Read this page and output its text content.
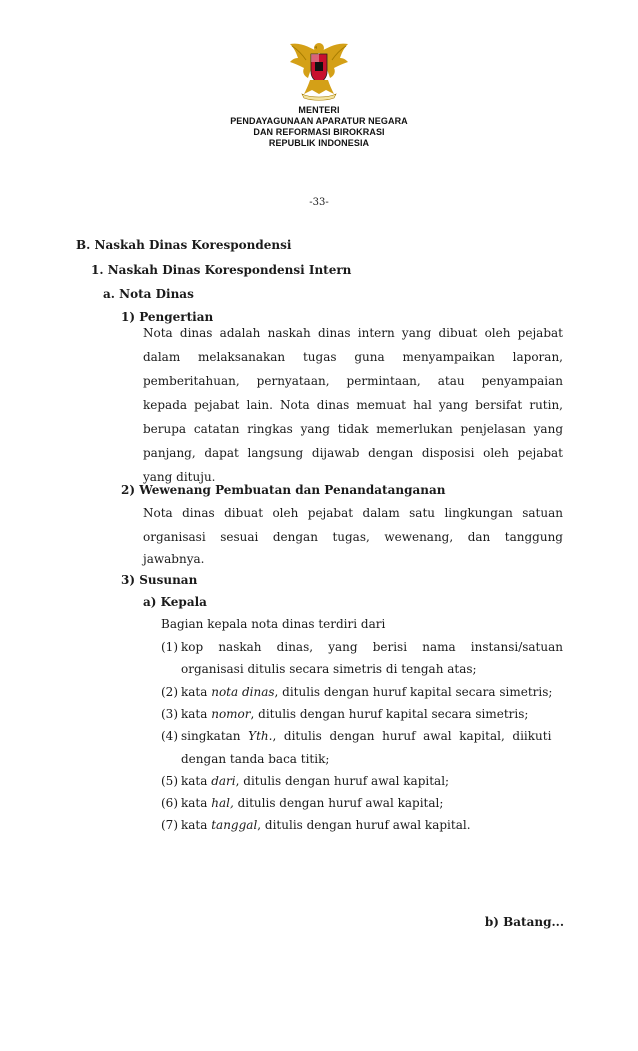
MENTERI
PENDAYAGUNAAN APARATUR NEGARA
DAN REFORMASI BIROKRASI
REPUBLIK INDONESIA
-33-
B. Naskah Dinas Korespondensi
1. Naskah Dinas Korespondensi Intern
a. Nota Dinas
1) Pengertian
Nota dinas adalah naskah dinas intern yang dibuat oleh pejabat
dalam melaksanakan tugas guna menyampaikan laporan,
pemberitahuan, pernyataan, permintaan, atau penyampaian
kepada pejabat lain. Nota dinas memuat hal yang bersifat rutin,
berupa catatan ringkas yang tidak memerlukan penjelasan yang
panjang, dapat langsung dijawab dengan disposisi oleh pejabat
yang dituju.
2) Wewenang Pembuatan dan Penandatanganan
Nota dinas dibuat oleh pejabat dalam satu lingkungan satuan
organisasi sesuai dengan tugas, wewenang, dan tanggung
jawabnya.
3) Susunan
a) Kepala
Bagian kepala nota dinas terdiri dari
(1) kop naskah dinas, yang berisi nama instansi/satuan
organisasi ditulis secara simetris di tengah atas;
(2) kata nota dinas, ditulis dengan huruf kapital secara simetris;
(3) kata nomor, ditulis dengan huruf kapital secara simetris;
(4) singkatan  Yth.,  ditulis  dengan  huruf  awal  kapital,  diikuti
dengan tanda baca titik;
(5) kata dari, ditulis dengan huruf awal kapital;
(6) kata hal, ditulis dengan huruf awal kapital;
(7) kata tanggal, ditulis dengan huruf awal kapital.
b) Batang...
